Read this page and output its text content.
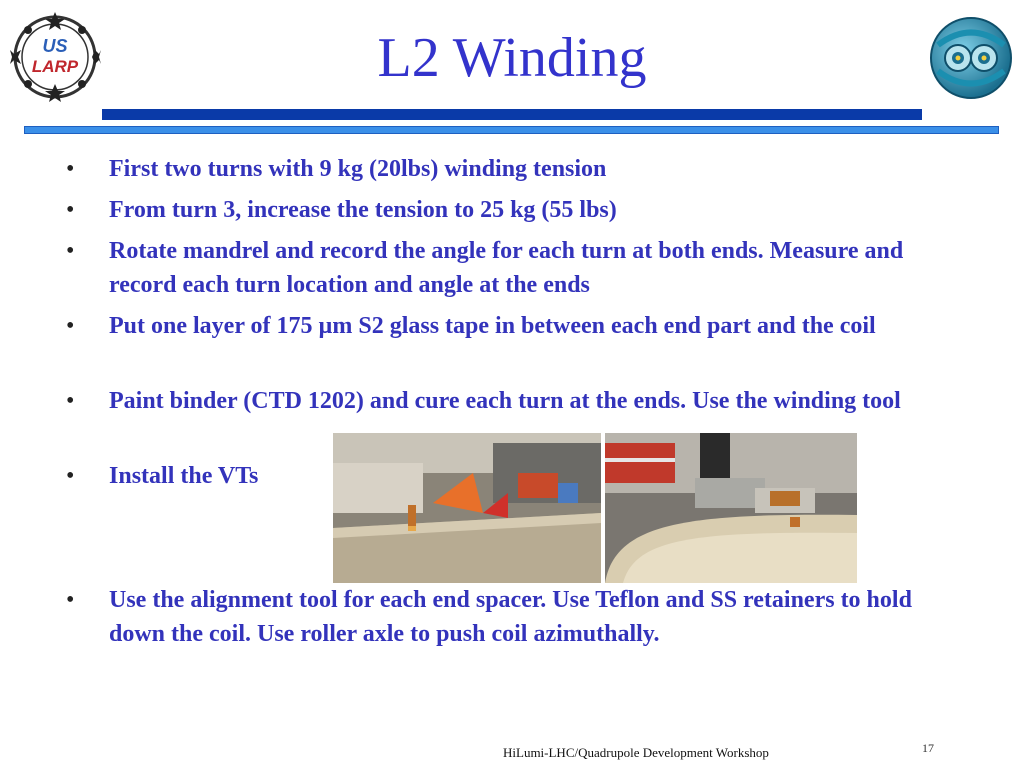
US
LARP	L2 Winding
• First two turns with 9 kg (20lbs) winding tension
• From turn 3, increase the tension to 25 kg (55 lbs)
• Rotate mandrel and record the angle for each turn at both ends. Measure and record each turn location and angle at the ends
• Put one layer of 175 µm S2 glass tape in between each end part and the coil
• Paint binder (CTD 1202) and cure each turn at the ends. Use the winding tool
• Install the VTs
• Use the alignment tool for each end spacer. Use Teflon and SS retainers to hold down the coil. Use roller axle to push coil azimuthally.
HiLumi-LHC/Quadrupole Development Workshop	17
